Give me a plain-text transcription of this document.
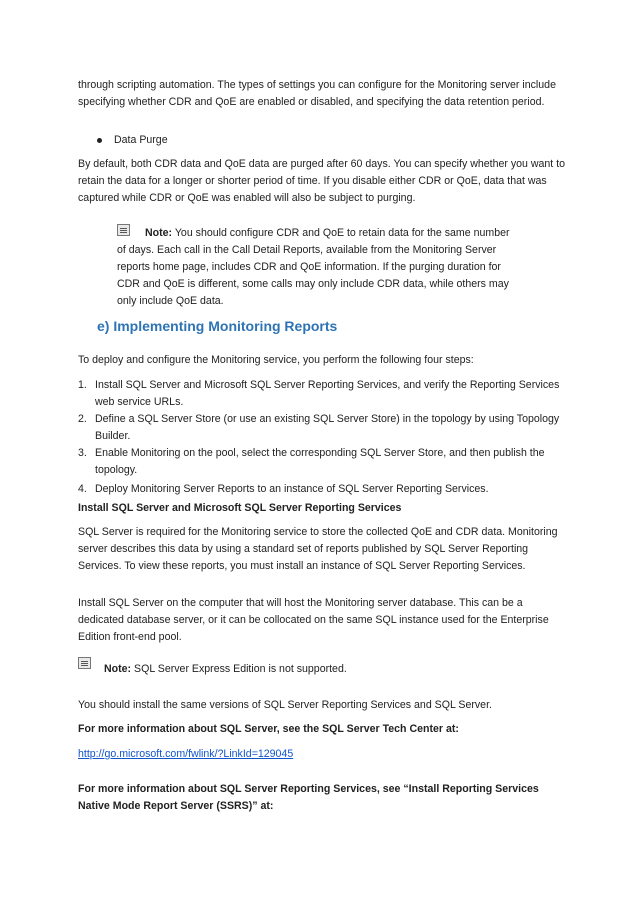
through scripting automation. The types of settings you can configure for the Monitoring server include specifying whether CDR and QoE are enabled or disabled, and specifying the data retention period.

Data Purge

By default, both CDR data and QoE data are purged after 60 days. You can specify whether you want to retain the data for a longer or shorter period of time. If you disable either CDR or QoE, data that was captured while CDR or QoE was enabled will also be subject to purging.

Note: You should configure CDR and QoE to retain data for the same number of days. Each call in the Call Detail Reports, available from the Monitoring Server reports home page, includes CDR and QoE information. If the purging duration for CDR and QoE is different, some calls may only include CDR data, while others may only include QoE data.

e) Implementing Monitoring Reports

To deploy and configure the Monitoring service, you perform the following four steps:

1. Install SQL Server and Microsoft SQL Server Reporting Services, and verify the Reporting Services web service URLs.
2. Define a SQL Server Store (or use an existing SQL Server Store) in the topology by using Topology Builder.
3. Enable Monitoring on the pool, select the corresponding SQL Server Store, and then publish the topology.
4. Deploy Monitoring Server Reports to an instance of SQL Server Reporting Services.

Install SQL Server and Microsoft SQL Server Reporting Services

SQL Server is required for the Monitoring service to store the collected QoE and CDR data. Monitoring server describes this data by using a standard set of reports published by SQL Server Reporting Services. To view these reports, you must install an instance of SQL Server Reporting Services.

Install SQL Server on the computer that will host the Monitoring server database. This can be a dedicated database server, or it can be collocated on the same SQL instance used for the Enterprise Edition front-end pool.

Note: SQL Server Express Edition is not supported.

You should install the same versions of SQL Server Reporting Services and SQL Server.

For more information about SQL Server, see the SQL Server Tech Center at:

http://go.microsoft.com/fwlink/?LinkId=129045

For more information about SQL Server Reporting Services, see “Install Reporting Services Native Mode Report Server (SSRS)” at:
